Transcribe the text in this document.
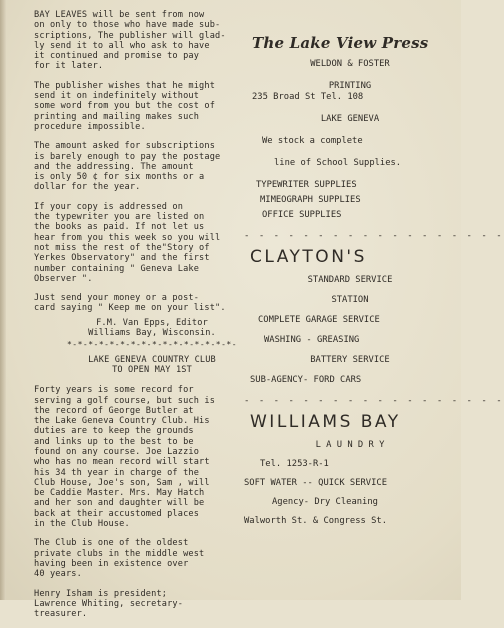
BAY LEAVES will be sent from now
on only to those who have made sub-
scriptions, The publisher will glad-
ly send it to all who ask to have
it continued and promise to pay
for it later.

The publisher wishes that he might
send it on indefinitely without
some word from you but the cost of
printing and mailing makes such
procedure impossible.

The amount asked for subscriptions
is barely enough to pay the postage
and the addressing. The amount
is only 50 ¢ for six months or a
dollar for the year.

If your copy is addressed on
the typewriter you are listed on
the books as paid. If not let us
hear from you this week so you will
not miss the rest of the"Story of
Yerkes Observatory" and the first
number containing " Geneva Lake
Observer ".

Just send your money or a post-
card saying " Keep me on your list".

F.M. Van Epps, Editor
Williams Bay, Wisconsin.
*-*-*-*-*-*-*-*-*-*-*-*-*-*-*-*-
LAKE GENEVA COUNTRY CLUB
TO OPEN MAY 1ST

Forty years is some record for
serving a golf course, but such is
the record of George Butler at
the Lake Geneva Country Club. His
duties are to keep the grounds
and links up to the best to be
found on any course. Joe Lazzio
who has no mean record will start
his 34 th year in charge of the
Club House, Joe's son, Sam , will
be Caddie Master. Mrs. May Hatch
and her son and daughter will be
back at their accustomed places
in the Club House.

The Club is one of the oldest
private clubs in the middle west
having been in existence over
40 years.

Henry Isham is president;
Lawrence Whiting, secretary-
treasurer.

The Lake View Press
WELDON & FOSTER
PRINTING
235 Broad St Tel. 108
LAKE GENEVA
We stock a complete
line of School Supplies.
TYPEWRITER SUPPLIES
MIMEOGRAPH SUPPLIES
OFFICE SUPPLIES
- - - - - - - - - - - - - - - - - -
CLAYTON'S
STANDARD SERVICE
STATION
COMPLETE GARAGE SERVICE
WASHING - GREASING
BATTERY SERVICE
SUB-AGENCY- FORD CARS
- - - - - - - - - - - - - - - - - -
WILLIAMS BAY
L A U N D R Y
Tel. 1253-R-1
SOFT WATER -- QUICK SERVICE
Agency- Dry Cleaning
Walworth St. & Congress St.
